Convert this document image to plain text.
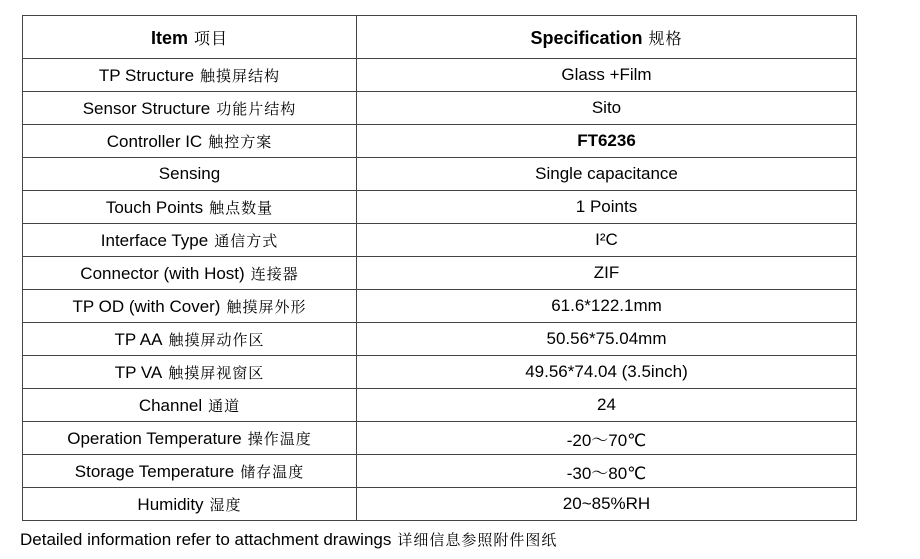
Item 项目	Specification 规格
TP Structure 触摸屏结构	Glass +Film
Sensor Structure 功能片结构	Sito
Controller IC 触控方案	FT6236
Sensing	Single capacitance
Touch Points 触点数量	1 Points
Interface Type 通信方式	I²C
Connector (with Host) 连接器	ZIF
TP OD (with Cover) 触摸屏外形	61.6*122.1mm
TP AA 触摸屏动作区	50.56*75.04mm
TP VA 触摸屏视窗区	49.56*74.04 (3.5inch)
Channel 通道	24
Operation Temperature 操作温度	-20～70℃
Storage Temperature 储存温度	-30～80℃
Humidity 湿度	20~85%RH
Detailed information refer to attachment drawings 详细信息参照附件图纸
